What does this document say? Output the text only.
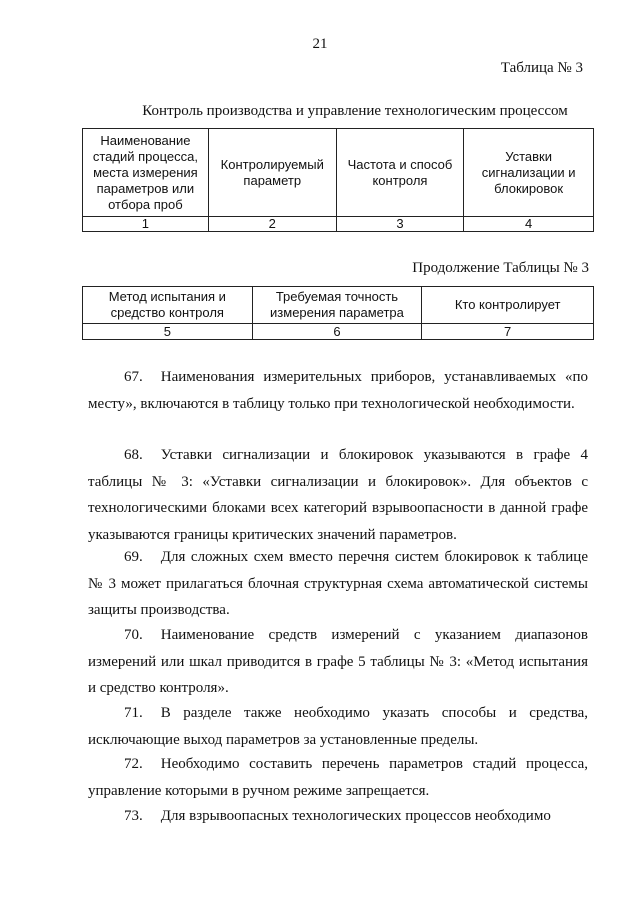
21
Таблица № 3
Контроль производства и управление технологическим процессом
Наименование стадий процесса, места измерения параметров или отбора проб	Контролируемый параметр	Частота и способ контроля	Уставки сигнализации и блокировок
1	2	3	4
Продолжение Таблицы № 3
Метод испытания и средство контроля	Требуемая точность измерения параметра	Кто контролирует
5	6	7

67. Наименования измерительных приборов, устанавливаемых «по месту», включаются в таблицу только при технологической необходимости.

68. Уставки сигнализации и блокировок указываются в графе 4 таблицы № 3: «Уставки сигнализации и блокировок». Для объектов с технологическими блоками всех категорий взрывоопасности в данной графе указываются границы критических значений параметров.

69. Для сложных схем вместо перечня систем блокировок к таблице № 3 может прилагаться блочная структурная схема автоматической системы защиты производства.

70. Наименование средств измерений с указанием диапазонов измерений или шкал приводится в графе 5 таблицы № 3: «Метод испытания и средство контроля».

71. В разделе также необходимо указать способы и средства, исключающие выход параметров за установленные пределы.

72. Необходимо составить перечень параметров стадий процесса, управление которыми в ручном режиме запрещается.

73. Для взрывоопасных технологических процессов необходимо
